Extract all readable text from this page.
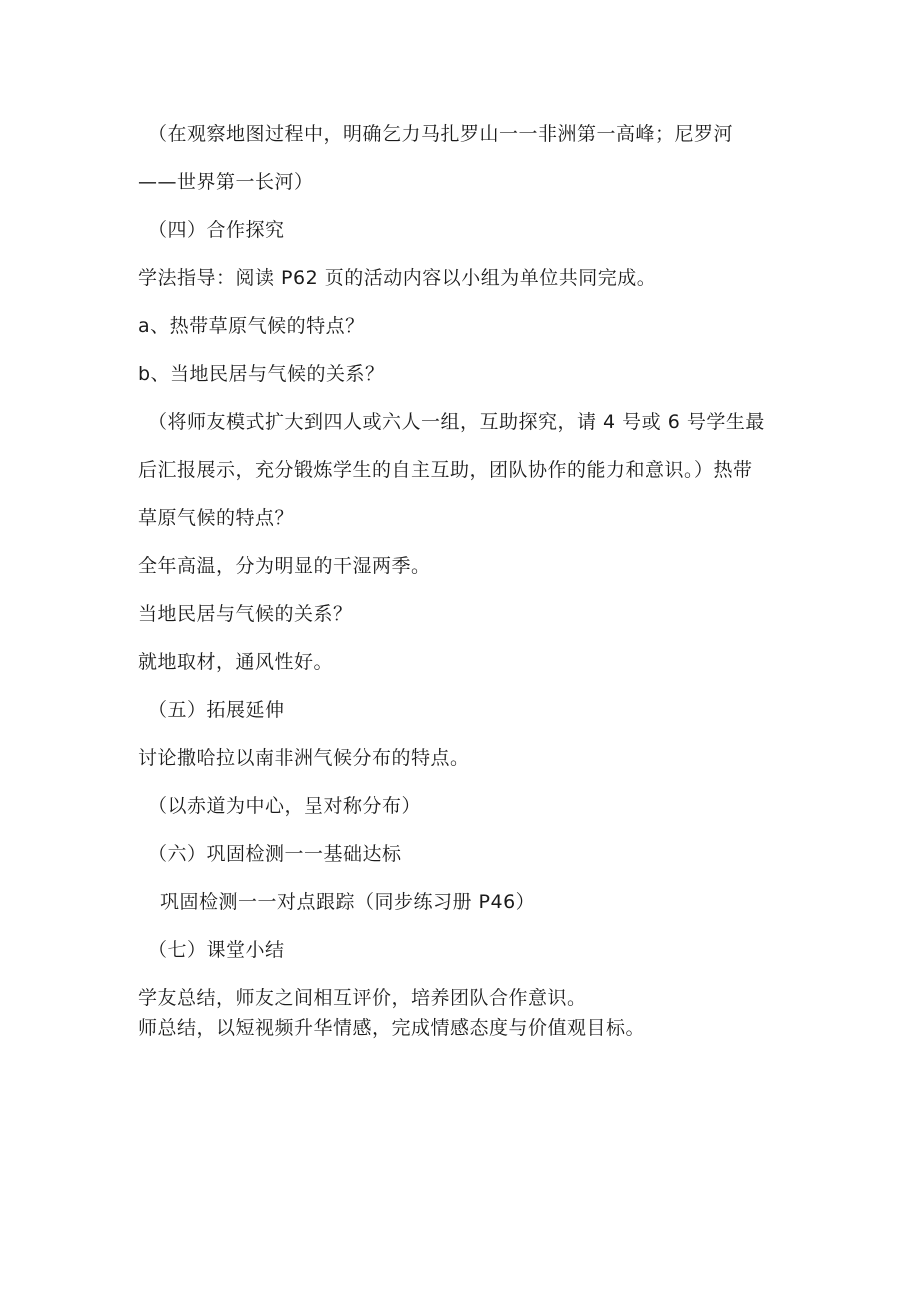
（在观察地图过程中，明确乞力马扎罗山一一非洲第一高峰；尼罗河
——世界第一长河）
（四）合作探究
学法指导：阅读 P62 页的活动内容以小组为单位共同完成。
a、热带草原气候的特点？
b、当地民居与气候的关系？
（将师友模式扩大到四人或六人一组，互助探究，请 4 号或 6 号学生最
后汇报展示，充分锻炼学生的自主互助，团队协作的能力和意识。）热带
草原气候的特点？
全年高温，分为明显的干湿两季。
当地民居与气候的关系？
就地取材，通风性好。
（五）拓展延伸
讨论撒哈拉以南非洲气候分布的特点。
（以赤道为中心，呈对称分布）
（六）巩固检测一一基础达标
巩固检测一一对点跟踪（同步练习册 P46）
（七）课堂小结
学友总结，师友之间相互评价，培养团队合作意识。
师总结，以短视频升华情感，完成情感态度与价值观目标。
